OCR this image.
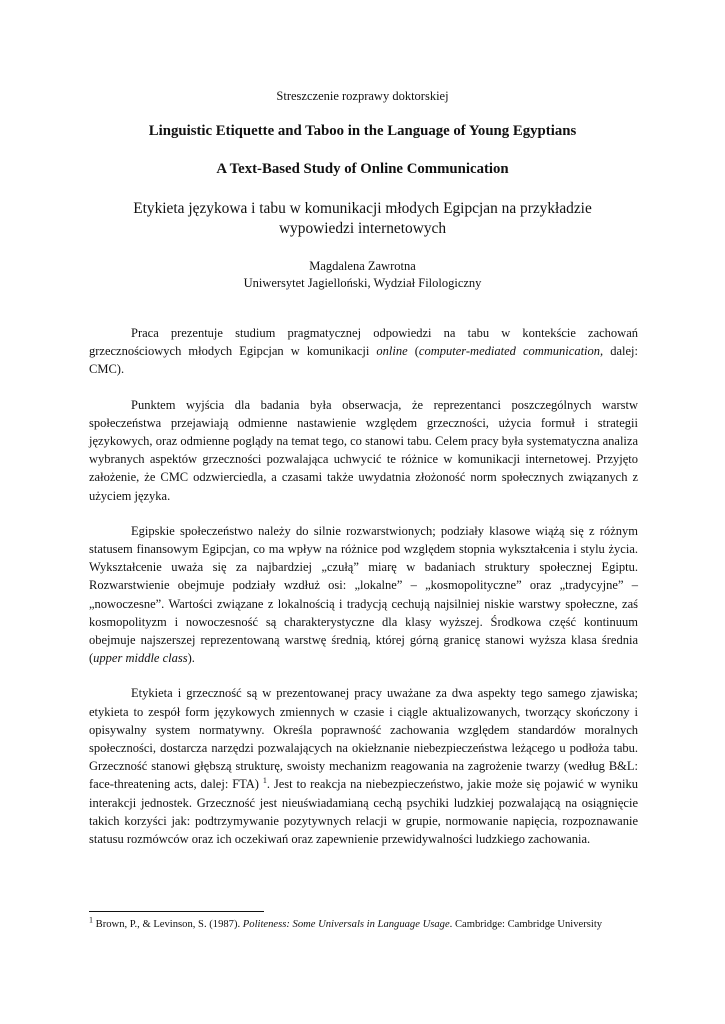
Streszczenie rozprawy doktorskiej
Linguistic Etiquette and Taboo in the Language of Young Egyptians
A Text-Based Study of Online Communication
Etykieta językowa i tabu w komunikacji młodych Egipcjan na przykładzie
wypowiedzi internetowych
Magdalena Zawrotna
Uniwersytet Jagielloński, Wydział Filologiczny

Praca prezentuje studium pragmatycznej odpowiedzi na tabu w kontekście zachowań grzecznościowych młodych Egipcjan w komunikacji online (computer-mediated communication, dalej: CMC).

Punktem wyjścia dla badania była obserwacja, że reprezentanci poszczególnych warstw społeczeństwa przejawiają odmienne nastawienie względem grzeczności, użycia formuł i strategii językowych, oraz odmienne poglądy na temat tego, co stanowi tabu. Celem pracy była systematyczna analiza wybranych aspektów grzeczności pozwalająca uchwycić te różnice w komunikacji internetowej. Przyjęto założenie, że CMC odzwierciedla, a czasami także uwydatnia złożoność norm społecznych związanych z użyciem języka.

Egipskie społeczeństwo należy do silnie rozwarstwionych; podziały klasowe wiążą się z różnym statusem finansowym Egipcjan, co ma wpływ na różnice pod względem stopnia wykształcenia i stylu życia. Wykształcenie uważa się za najbardziej „czułą” miarę w badaniach struktury społecznej Egiptu. Rozwarstwienie obejmuje podziały wzdłuż osi: „lokalne” – „kosmopolityczne” oraz „tradycyjne” – „nowoczesne”. Wartości związane z lokalnością i tradycją cechują najsilniej niskie warstwy społeczne, zaś kosmopolityzm i nowoczesność są charakterystyczne dla klasy wyższej. Środkowa część kontinuum obejmuje najszerszej reprezentowaną warstwę średnią, której górną granicę stanowi wyższa klasa średnia (upper middle class).

Etykieta i grzeczność są w prezentowanej pracy uważane za dwa aspekty tego samego zjawiska; etykieta to zespół form językowych zmiennych w czasie i ciągle aktualizowanych, tworzący skończony i opisywalny system normatywny. Określa poprawność zachowania względem standardów moralnych społeczności, dostarcza narzędzi pozwalających na okiełznanie niebezpieczeństwa leżącego u podłoża tabu. Grzeczność stanowi głębszą strukturę, swoisty mechanizm reagowania na zagrożenie twarzy (według B&L: face-threatening acts, dalej: FTA) $^1$. Jest to reakcja na niebezpieczeństwo, jakie może się pojawić w wyniku interakcji jednostek. Grzeczność jest nieuświadamianą cechą psychiki ludzkiej pozwalającą na osiągnięcie takich korzyści jak: podtrzymywanie pozytywnych relacji w grupie, normowanie napięcia, rozpoznawanie statusu rozmówców oraz ich oczekiwań oraz zapewnienie przewidywalności ludzkiego zachowania.

$^1$ Brown, P., & Levinson, S. (1987). Politeness: Some Universals in Language Usage. Cambridge: Cambridge University
